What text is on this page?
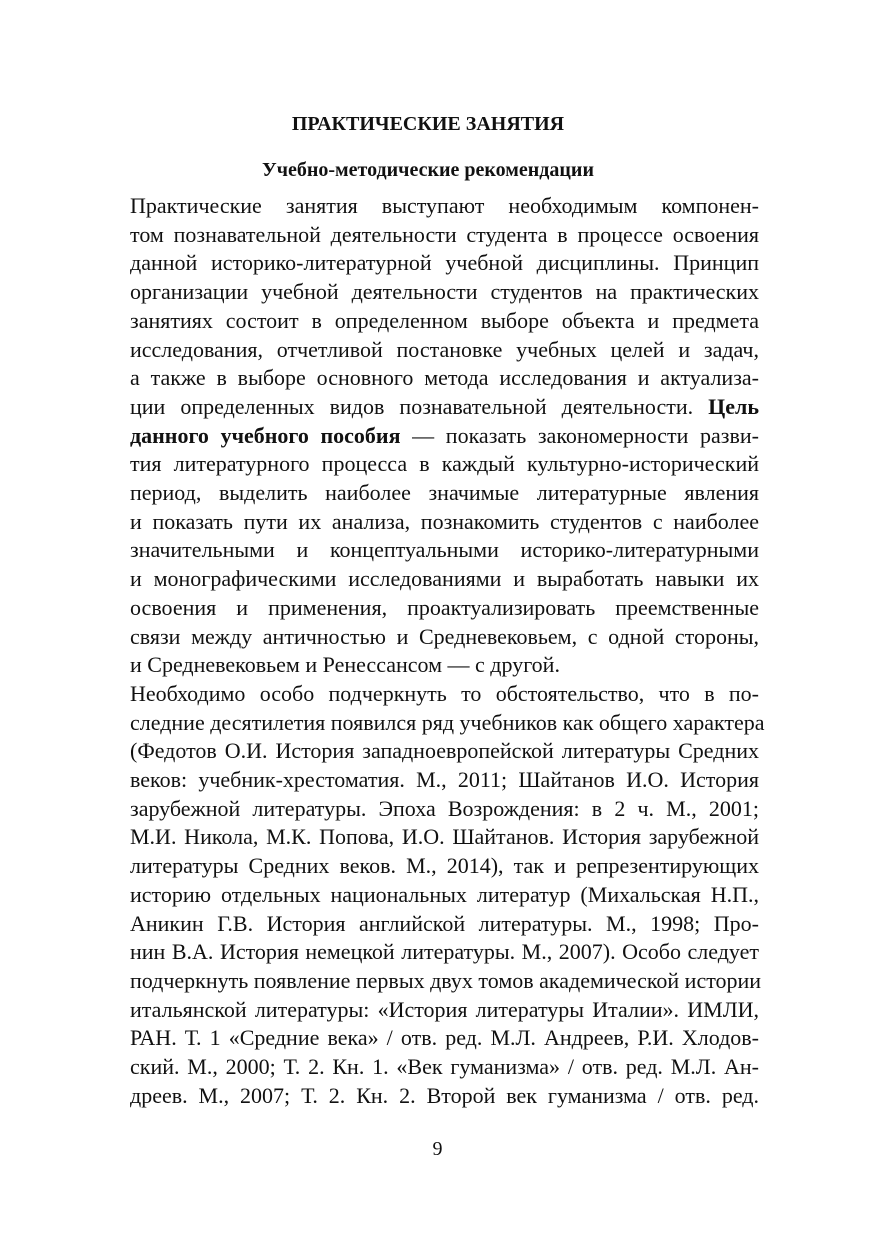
ПРАКТИЧЕСКИЕ ЗАНЯТИЯ
Учебно-методические рекомендации
Практические занятия выступают необходимым компонен-
том познавательной деятельности студента в процессе освоения
данной историко-литературной учебной дисциплины. Принцип
организации учебной деятельности студентов на практических
занятиях состоит в определенном выборе объекта и предмета
исследования, отчетливой постановке учебных целей и задач,
а также в выборе основного метода исследования и актуализа-
ции определенных видов познавательной деятельности. Цель
данного учебного пособия — показать закономерности разви-
тия литературного процесса в каждый культурно-исторический
период, выделить наиболее значимые литературные явления
и показать пути их анализа, познакомить студентов с наиболее
значительными и концептуальными историко-литературными
и монографическими исследованиями и выработать навыки их
освоения и применения, проактуализировать преемственные
связи между античностью и Средневековьем, с одной стороны,
и Средневековьем и Ренессансом — с другой.
Необходимо особо подчеркнуть то обстоятельство, что в по-
следние десятилетия появился ряд учебников как общего характера
(Федотов О.И. История западноевропейской литературы Средних
веков: учебник-хрестоматия. М., 2011; Шайтанов И.О. История
зарубежной литературы. Эпоха Возрождения: в 2 ч. М., 2001;
М.И. Никола, М.К. Попова, И.О. Шайтанов. История зарубежной
литературы Средних веков. М., 2014), так и репрезентирующих
историю отдельных национальных литератур (Михальская Н.П.,
Аникин Г.В. История английской литературы. М., 1998; Про-
нин В.А. История немецкой литературы. М., 2007). Особо следует
подчеркнуть появление первых двух томов академической истории
итальянской литературы: «История литературы Италии». ИМЛИ,
РАН. Т. 1 «Средние века» / отв. ред. М.Л. Андреев, Р.И. Хлодов-
ский. М., 2000; Т. 2. Кн. 1. «Век гуманизма» / отв. ред. М.Л. Ан-
дреев. М., 2007; Т. 2. Кн. 2. Второй век гуманизма / отв. ред.
9
